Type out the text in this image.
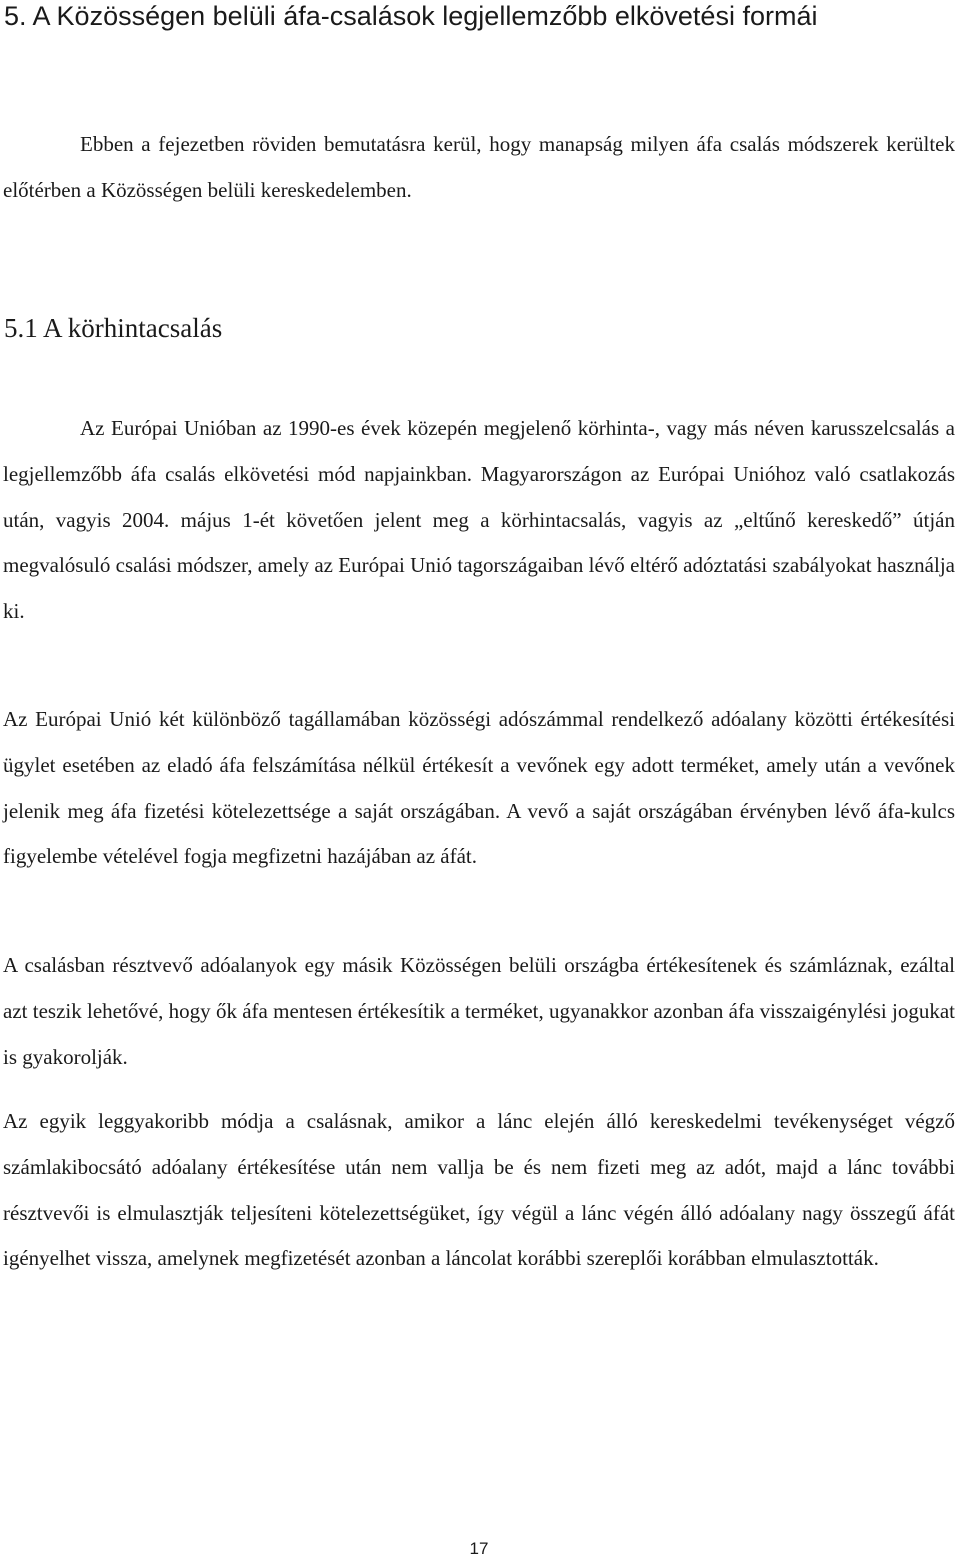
5. A Közösségen belüli áfa-csalások legjellemzőbb elkövetési formái

Ebben a fejezetben röviden bemutatásra kerül, hogy manapság milyen áfa csalás módszerek kerültek előtérben a Közösségen belüli kereskedelemben.

5.1 A körhintacsalás

Az Európai Unióban az 1990-es évek közepén megjelenő körhinta-, vagy más néven karusszelcsalás a legjellemzőbb áfa csalás elkövetési mód napjainkban. Magyarországon az Európai Unióhoz való csatlakozás után, vagyis 2004. május 1-ét követően jelent meg a körhintacsalás, vagyis az „eltűnő kereskedő” útján megvalósuló csalási módszer, amely az Európai Unió tagországaiban lévő eltérő adóztatási szabályokat használja ki.

Az Európai Unió két különböző tagállamában közösségi adószámmal rendelkező adóalany közötti értékesítési ügylet esetében az eladó áfa felszámítása nélkül értékesít a vevőnek egy adott terméket, amely után a vevőnek jelenik meg áfa fizetési kötelezettsége a saját országában. A vevő a saját országában érvényben lévő áfa-kulcs figyelembe vételével fogja megfizetni hazájában az áfát.

A csalásban résztvevő adóalanyok egy másik Közösségen belüli országba értékesítenek és számláznak, ezáltal azt teszik lehetővé, hogy ők áfa mentesen értékesítik a terméket, ugyanakkor azonban áfa visszaigénylési jogukat is gyakorolják.

Az egyik leggyakoribb módja a csalásnak, amikor a lánc elején álló kereskedelmi tevékenységet végző számlakibocsátó adóalany értékesítése után nem vallja be és nem fizeti meg az adót, majd a lánc további résztvevői is elmulasztják teljesíteni kötelezettségüket, így végül a lánc végén álló adóalany nagy összegű áfát igényelhet vissza, amelynek megfizetését azonban a láncolat korábbi szereplői korábban elmulasztották.

17
